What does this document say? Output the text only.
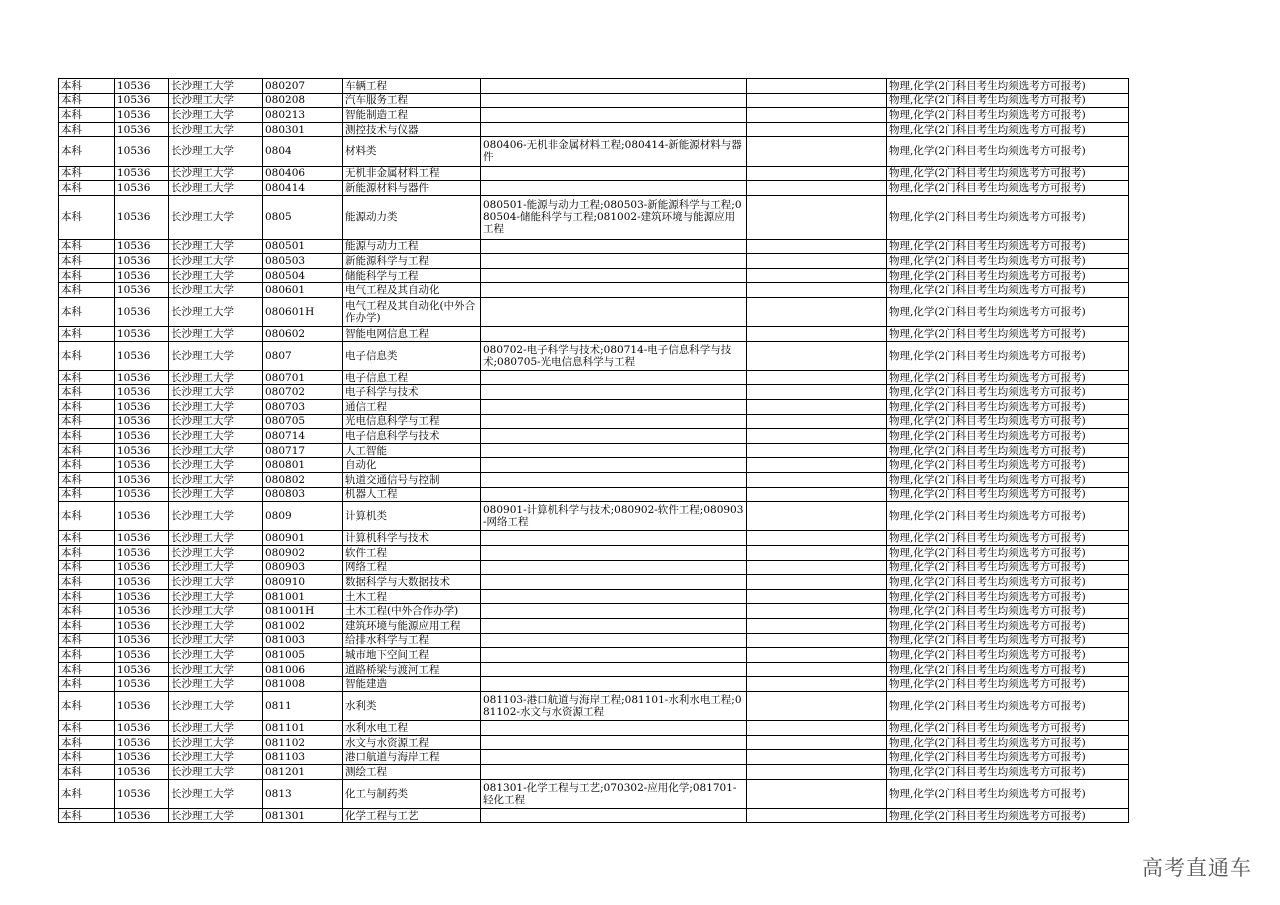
本科	10536	长沙理工大学	080207	车辆工程			物理,化学(2门科目考生均须选考方可报考)
本科	10536	长沙理工大学	080208	汽车服务工程			物理,化学(2门科目考生均须选考方可报考)
本科	10536	长沙理工大学	080213	智能制造工程			物理,化学(2门科目考生均须选考方可报考)
本科	10536	长沙理工大学	080301	测控技术与仪器			物理,化学(2门科目考生均须选考方可报考)
本科	10536	长沙理工大学	0804	材料类	080406-无机非金属材料工程;080414-新能源材料与器件		物理,化学(2门科目考生均须选考方可报考)
本科	10536	长沙理工大学	080406	无机非金属材料工程			物理,化学(2门科目考生均须选考方可报考)
本科	10536	长沙理工大学	080414	新能源材料与器件			物理,化学(2门科目考生均须选考方可报考)
本科	10536	长沙理工大学	0805	能源动力类	080501-能源与动力工程;080503-新能源科学与工程;080504-储能科学与工程;081002-建筑环境与能源应用工程		物理,化学(2门科目考生均须选考方可报考)
本科	10536	长沙理工大学	080501	能源与动力工程			物理,化学(2门科目考生均须选考方可报考)
本科	10536	长沙理工大学	080503	新能源科学与工程			物理,化学(2门科目考生均须选考方可报考)
本科	10536	长沙理工大学	080504	储能科学与工程			物理,化学(2门科目考生均须选考方可报考)
本科	10536	长沙理工大学	080601	电气工程及其自动化			物理,化学(2门科目考生均须选考方可报考)
本科	10536	长沙理工大学	080601H	电气工程及其自动化(中外合作办学)			物理,化学(2门科目考生均须选考方可报考)
本科	10536	长沙理工大学	080602	智能电网信息工程			物理,化学(2门科目考生均须选考方可报考)
本科	10536	长沙理工大学	0807	电子信息类	080702-电子科学与技术;080714-电子信息科学与技术;080705-光电信息科学与工程		物理,化学(2门科目考生均须选考方可报考)
本科	10536	长沙理工大学	080701	电子信息工程			物理,化学(2门科目考生均须选考方可报考)
本科	10536	长沙理工大学	080702	电子科学与技术			物理,化学(2门科目考生均须选考方可报考)
本科	10536	长沙理工大学	080703	通信工程			物理,化学(2门科目考生均须选考方可报考)
本科	10536	长沙理工大学	080705	光电信息科学与工程			物理,化学(2门科目考生均须选考方可报考)
本科	10536	长沙理工大学	080714	电子信息科学与技术			物理,化学(2门科目考生均须选考方可报考)
本科	10536	长沙理工大学	080717	人工智能			物理,化学(2门科目考生均须选考方可报考)
本科	10536	长沙理工大学	080801	自动化			物理,化学(2门科目考生均须选考方可报考)
本科	10536	长沙理工大学	080802	轨道交通信号与控制			物理,化学(2门科目考生均须选考方可报考)
本科	10536	长沙理工大学	080803	机器人工程			物理,化学(2门科目考生均须选考方可报考)
本科	10536	长沙理工大学	0809	计算机类	080901-计算机科学与技术;080902-软件工程;080903-网络工程		物理,化学(2门科目考生均须选考方可报考)
本科	10536	长沙理工大学	080901	计算机科学与技术			物理,化学(2门科目考生均须选考方可报考)
本科	10536	长沙理工大学	080902	软件工程			物理,化学(2门科目考生均须选考方可报考)
本科	10536	长沙理工大学	080903	网络工程			物理,化学(2门科目考生均须选考方可报考)
本科	10536	长沙理工大学	080910	数据科学与大数据技术			物理,化学(2门科目考生均须选考方可报考)
本科	10536	长沙理工大学	081001	土木工程			物理,化学(2门科目考生均须选考方可报考)
本科	10536	长沙理工大学	081001H	土木工程(中外合作办学)			物理,化学(2门科目考生均须选考方可报考)
本科	10536	长沙理工大学	081002	建筑环境与能源应用工程			物理,化学(2门科目考生均须选考方可报考)
本科	10536	长沙理工大学	081003	给排水科学与工程			物理,化学(2门科目考生均须选考方可报考)
本科	10536	长沙理工大学	081005	城市地下空间工程			物理,化学(2门科目考生均须选考方可报考)
本科	10536	长沙理工大学	081006	道路桥梁与渡河工程			物理,化学(2门科目考生均须选考方可报考)
本科	10536	长沙理工大学	081008	智能建造			物理,化学(2门科目考生均须选考方可报考)
本科	10536	长沙理工大学	0811	水利类	081103-港口航道与海岸工程;081101-水利水电工程;081102-水文与水资源工程		物理,化学(2门科目考生均须选考方可报考)
本科	10536	长沙理工大学	081101	水利水电工程			物理,化学(2门科目考生均须选考方可报考)
本科	10536	长沙理工大学	081102	水文与水资源工程			物理,化学(2门科目考生均须选考方可报考)
本科	10536	长沙理工大学	081103	港口航道与海岸工程			物理,化学(2门科目考生均须选考方可报考)
本科	10536	长沙理工大学	081201	测绘工程			物理,化学(2门科目考生均须选考方可报考)
本科	10536	长沙理工大学	0813	化工与制药类	081301-化学工程与工艺;070302-应用化学;081701-轻化工程		物理,化学(2门科目考生均须选考方可报考)
本科	10536	长沙理工大学	081301	化学工程与工艺			物理,化学(2门科目考生均须选考方可报考)
高考直通车
